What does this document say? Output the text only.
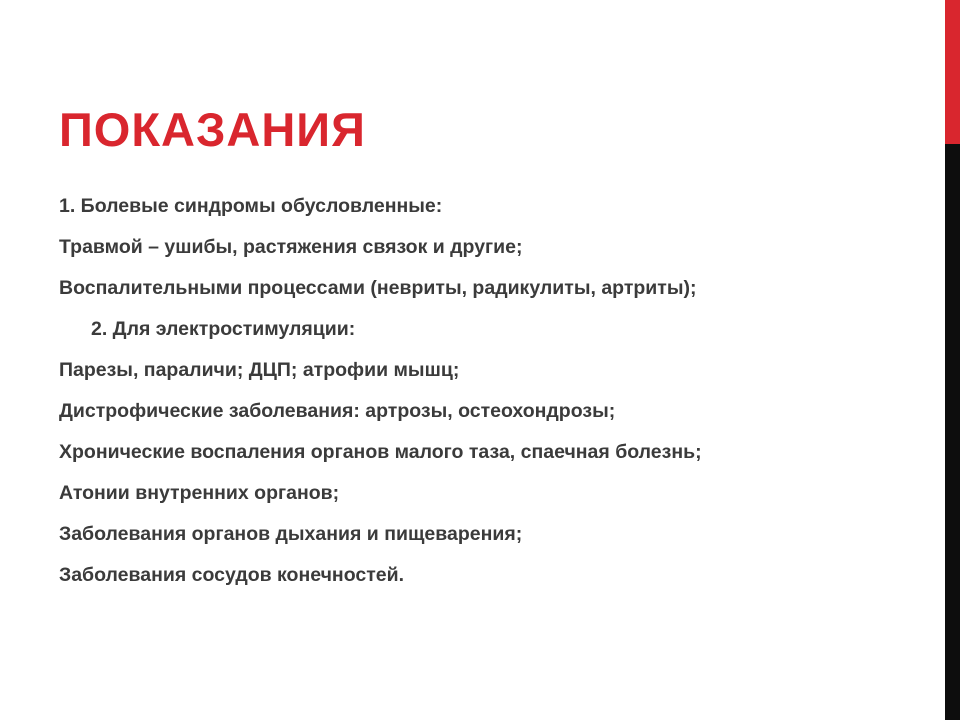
ПОКАЗАНИЯ
1. Болевые синдромы обусловленные:
Травмой – ушибы, растяжения связок и другие;
Воспалительными процессами (невриты, радикулиты, артриты);
2. Для электростимуляции:
Парезы, параличи; ДЦП; атрофии мышц;
Дистрофические заболевания: артрозы, остеохондрозы;
Хронические воспаления органов малого таза, спаечная болезнь;
Атонии внутренних органов;
Заболевания органов дыхания и пищеварения;
Заболевания сосудов конечностей.
